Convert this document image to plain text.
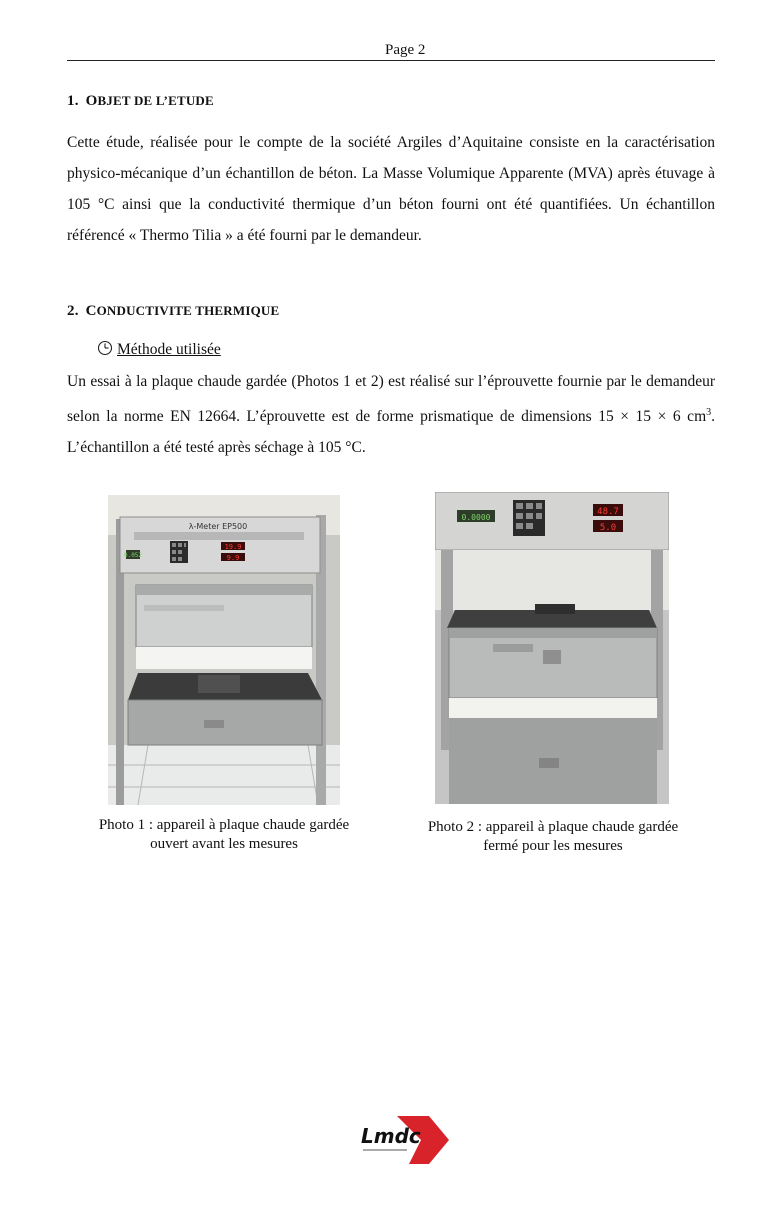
Page 2
1. OBJET DE L’ETUDE
Cette étude, réalisée pour le compte de la société Argiles d’Aquitaine consiste en la caractérisation physico-mécanique d’un échantillon de béton. La Masse Volumique Apparente (MVA) après étuvage à 105 °C ainsi que la conductivité thermique d’un béton fourni ont été quantifiées. Un échantillon référencé « Thermo Tilia » a été fourni par le demandeur.
2. CONDUCTIVITE THERMIQUE
Méthode utilisée
Un essai à la plaque chaude gardée (Photos 1 et 2) est réalisé sur l’éprouvette fournie par le demandeur selon la norme EN 12664. L’éprouvette est de forme prismatique de dimensions 15 × 15 × 6 $cm^3$. L’échantillon a été testé après séchage à 105 °C.
λ-Meter EP500
0.052
19.9
9.9
Photo 1 : appareil à plaque chaude gardée
ouvert avant les mesures
0.0000
48.7
5.0
Photo 2 : appareil à plaque chaude gardée
fermé pour les mesures
Lmdc
